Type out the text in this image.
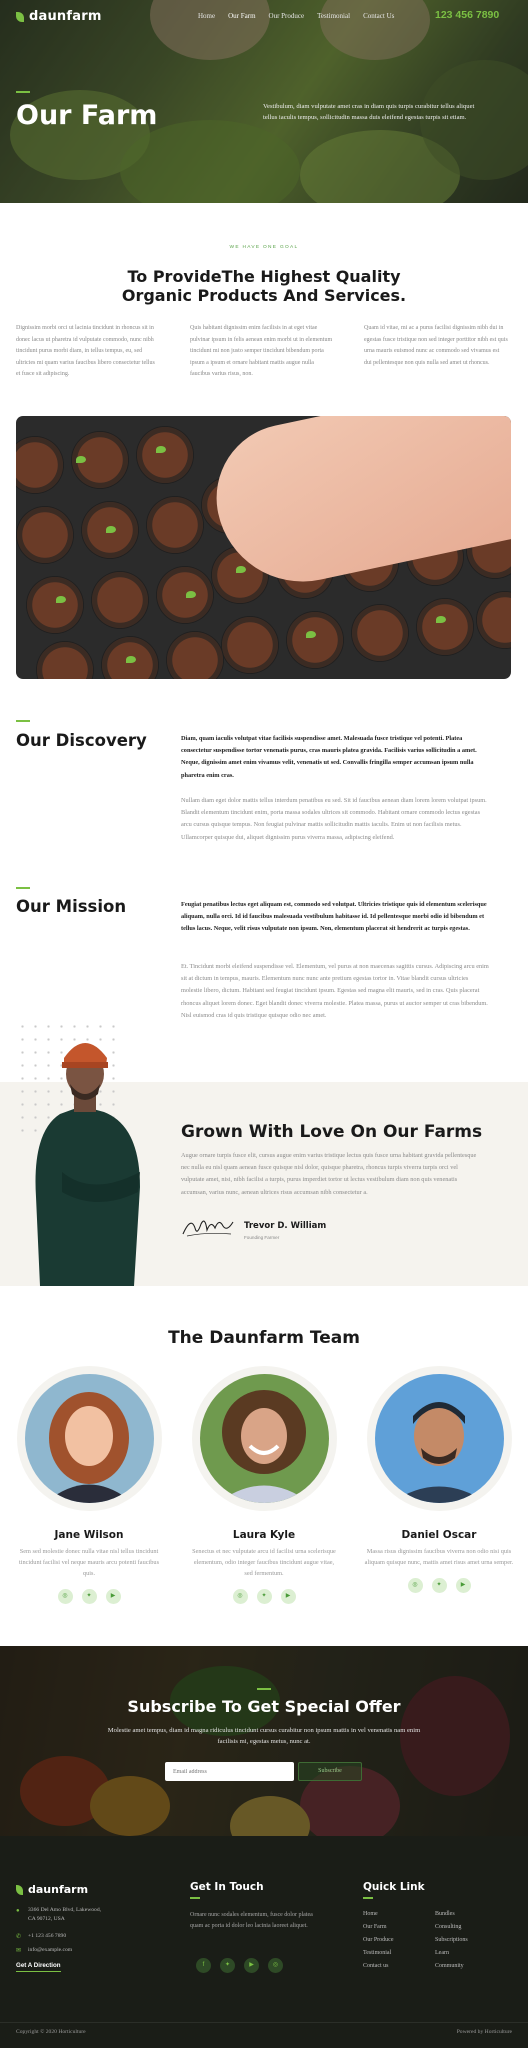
daunfarm	Home Our Farm Our Produce Testimonial Contact Us	123 456 7890
Our Farm	Vestibulum, diam vulputate amet cras in diam quis turpis curabitur tellus aliquet tellus iaculis tempus, sollicitudin massa duis eleifend egestas turpis sit etiam.
WE HAVE ONE GOAL
To ProvideThe Highest Quality
Organic Products And Services.

Dignissim morbi orci ut lacinia tincidunt in rhoncus sit in donec lacus ut pharetra id vulputate commodo, nunc nibh tincidunt purus morbi diam, in tellus tempus, eu, sed ultricies mi quam varius faucibus libero consectetur tellus et fusce sit adipiscing.

Quis habitant dignissim enim facilisis in at eget vitae pulvinar ipsum in felis aenean enim morbi ut in elementum tincidunt mi non justo semper tincidunt bibendum porta ipsum a ipsum et ornare habitant mattis augue nulla faucibus varius risus, non.

Quam id vitae, mi ac a purus facilisi dignissim nibh dui in egestas fusce tristique non sed integer porttitor nibh est quis urna mauris euismod nunc ac commodo sed vivamus est dui pellentesque non quis nulla sed amet ut rhoncus.

Our Discovery	Diam, quam iaculis volutpat vitae facilisis suspendisse amet. Malesuada fusce tristique vel potenti. Platea consectetur suspendisse tortor venenatis purus, cras mauris platea gravida. Facilisis varius sollicitudin a amet. Neque, dignissim amet enim vivamus velit, venenatis ut sed. Convallis fringilla semper accumsan ipsum nulla pharetra enim cras.
Nullam diam eget dolor mattis tellus interdum penatibus eu sed. Sit id faucibus aenean diam lorem lorem volutpat ipsum. Blandit elementum tincidunt enim, porta massa sodales ultrices sit commodo. Habitant ornare commodo lectus egestas arcu cursus quisque tempus. Non feugiat pulvinar mattis sollicitudin mattis iaculis. Enim ut non facilisis metus. Ullamcorper quisque dui, aliquet dignissim purus viverra massa, adipiscing eleifend.
Our Mission	Feugiat penatibus lectus eget aliquam est, commodo sed volutpat. Ultricies tristique quis id elementum scelerisque aliquam, nulla orci. Id id faucibus malesuada vestibulum habitasse id. Id pellentesque morbi odio id bibendum et tellus lacus. Neque, velit risus vulputate non ipsum. Non, elementum placerat sit hendrerit ac turpis egestas.
Et. Tincidunt morbi eleifend suspendisse vel. Elementum, vel purus at non maecenas sagittis cursus. Adipiscing arcu enim sit at dictum in tempus, mauris. Elementum nunc nunc ante pretium egestas tortor in. Vitae blandit cursus ultricies molestie libero, dictum. Habitant sed feugiat tincidunt ipsum. Egestas sed magna elit mauris, sed in cras. Quis placerat rhoncus aliquet lorem donec. Eget blandit donec viverra molestie. Platea massa, purus ut auctor semper ut cras bibendum. Nisl euismod cras id quis tristique quisque odio nec amet.
Grown With Love On Our Farms
Augue ornare turpis fusce elit, cursus augue enim varius tristique lectus quis fusce urna habitant gravida pellentesque nec nulla eu nisl quam aenean fusce quisque nisl dolor, quisque pharetra, rhoncus turpis viverra turpis orci vel vulputate amet, nisi, nibh facilisi a turpis, purus imperdiet tortor ut lectus vestibulum diam non quis venenatis accumsan, varius nunc, aenean ultrices risus accumsan nibh consectetur a.
Trevor D. William
Founding Farmer
The Daunfarm Team
Jane Wilson
Sem sed molestie donec nulla vitae nisl tellus tincidunt tincidunt facilisi vel neque mauris arcu potenti faucibus quis.
◎	✦	▶
Laura Kyle
Senectus et nec vulputate arcu id facilisi urna scelerisque elementum, odio integer faucibus tincidunt augue vitae, sed fermentum.
◎	✦	▶
Daniel Oscar
Massa risus dignissim faucibus viverra non odio nisi quis aliquam quisque nunc, mattis amet risus amet urna semper.
◎	✦	▶
Subscribe To Get Special Offer
Molestie amet tempus, diam id magna ridiculus tincidunt cursus curabitur non ipsum mattis in vel venenatis nam enim facilisis mi, egestas metus, nunc at.
Email address
Subscribe
daunfarm
● 3366 Del Amo Blvd, Lakewood,
CA 90712, USA
✆ +1 123 456 7890
✉ info@example.com
Get A Direction
Get In Touch
Ornare nunc sodales elementum, fusce dolor platea quam ac porta id dolor leo lacinia laoreet aliquet.
f	✦	▶	◎
Quick Link
Home
Our Farm
Our Produce
Testimonial
Contact us
Bundles
Consulting
Subscriptions
Learn
Community
Copyright © 2020 Horticulture	Powered by Horticulture
